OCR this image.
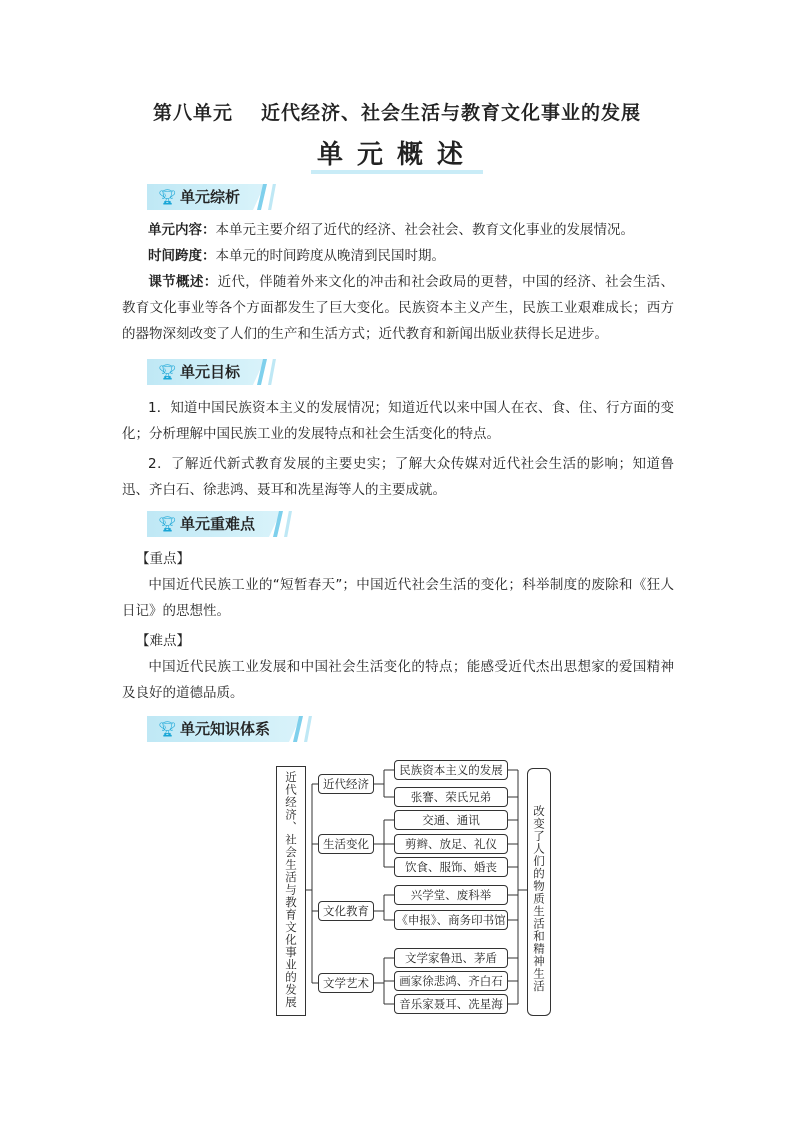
第八单元 近代经济、社会生活与教育文化事业的发展
单元概述
🏆︎ 单元综析
单元内容：本单元主要介绍了近代的经济、社会社会、教育文化事业的发展情况。
时间跨度：本单元的时间跨度从晚清到民国时期。
课节概述：近代，伴随着外来文化的冲击和社会政局的更替，中国的经济、社会生活、教育文化事业等各个方面都发生了巨大变化。民族资本主义产生，民族工业艰难成长；西方的器物深刻改变了人们的生产和生活方式；近代教育和新闻出版业获得长足进步。
🏆︎ 单元目标
1．知道中国民族资本主义的发展情况；知道近代以来中国人在衣、食、住、行方面的变化；分析理解中国民族工业的发展特点和社会生活变化的特点。
2．了解近代新式教育发展的主要史实；了解大众传媒对近代社会生活的影响；知道鲁迅、齐白石、徐悲鸿、聂耳和冼星海等人的主要成就。
🏆︎ 单元重难点
【重点】
中国近代民族工业的“短暂春天”；中国近代社会生活的变化；科举制度的废除和《狂人日记》的思想性。
【难点】
中国近代民族工业发展和中国社会生活变化的特点；能感受近代杰出思想家的爱国精神及良好的道德品质。
🏆︎ 单元知识体系
近代经济、社会生活与教育文化事业的发展	近代经济
生活变化
文化教育
文学艺术
民族资本主义的发展
张謇、荣氏兄弟
交通、通讯
剪辫、放足、礼仪
饮食、服饰、婚丧
兴学堂、废科举
《申报》、商务印书馆
文学家鲁迅、茅盾
画家徐悲鸿、齐白石
音乐家聂耳、冼星海
改变了人们的物质生活和精神生活
